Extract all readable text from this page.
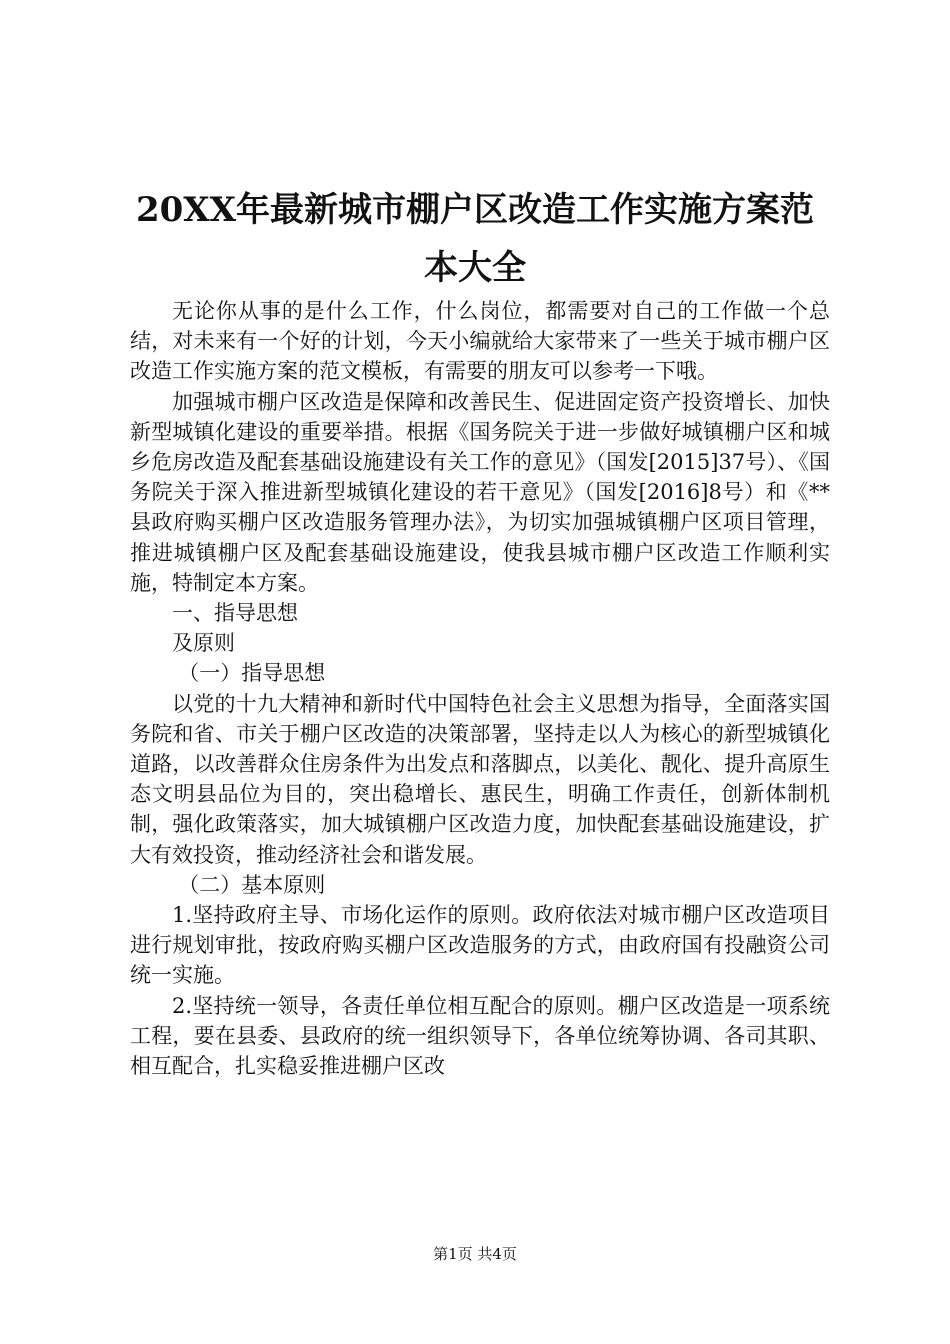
20XX年最新城市棚户区改造工作实施方案范
本大全

无论你从事的是什么工作，什么岗位，都需要对自己的工作做一个总结，对未来有一个好的计划，今天小编就给大家带来了一些关于城市棚户区改造工作实施方案的范文模板，有需要的朋友可以参考一下哦。

加强城市棚户区改造是保障和改善民生、促进固定资产投资增长、加快新型城镇化建设的重要举措。根据《国务院关于进一步做好城镇棚户区和城乡危房改造及配套基础设施建设有关工作的意见》（国发[2015]37号）、《国务院关于深入推进新型城镇化建设的若干意见》（国发[2016]8号）和《**县政府购买棚户区改造服务管理办法》，为切实加强城镇棚户区项目管理，推进城镇棚户区及配套基础设施建设，使我县城市棚户区改造工作顺利实施，特制定本方案。

一、指导思想

及原则

（一）指导思想

以党的十九大精神和新时代中国特色社会主义思想为指导，全面落实国务院和省、市关于棚户区改造的决策部署，坚持走以人为核心的新型城镇化道路，以改善群众住房条件为出发点和落脚点，以美化、靓化、提升高原生态文明县品位为目的，突出稳增长、惠民生，明确工作责任，创新体制机制，强化政策落实，加大城镇棚户区改造力度，加快配套基础设施建设，扩大有效投资，推动经济社会和谐发展。

（二）基本原则

1.坚持政府主导、市场化运作的原则。政府依法对城市棚户区改造项目进行规划审批，按政府购买棚户区改造服务的方式，由政府国有投融资公司统一实施。

2.坚持统一领导，各责任单位相互配合的原则。棚户区改造是一项系统工程，要在县委、县政府的统一组织领导下，各单位统筹协调、各司其职、相互配合，扎实稳妥推进棚户区改

第1页 共4页
